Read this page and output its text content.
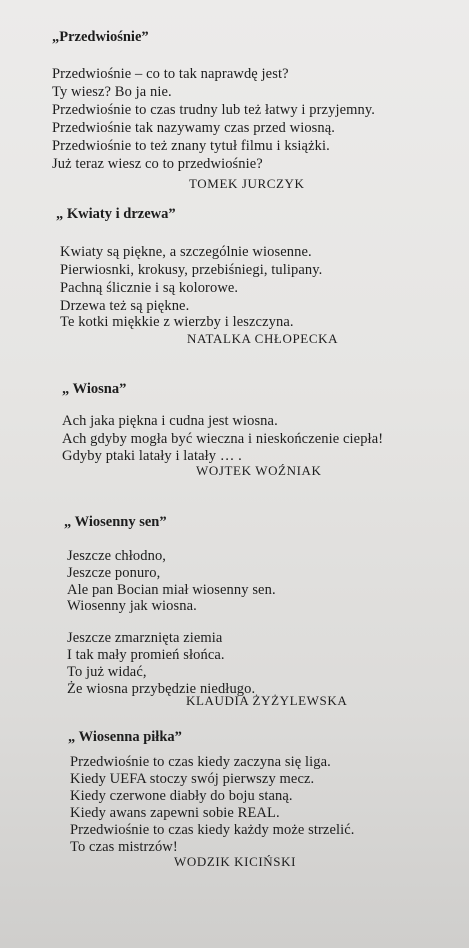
„Przedwiośnie”
Przedwiośnie – co to tak naprawdę jest?
Ty wiesz? Bo ja nie.
Przedwiośnie to czas trudny lub też łatwy i przyjemny.
Przedwiośnie tak nazywamy czas przed wiosną.
Przedwiośnie to też znany tytuł filmu i książki.
Już teraz wiesz co to przedwiośnie?
TOMEK JURCZYK
„ Kwiaty i drzewa”
Kwiaty są piękne, a szczególnie wiosenne.
Pierwiosnki, krokusy, przebiśniegi, tulipany.
Pachną ślicznie i są kolorowe.
Drzewa też są piękne.
Te kotki miękkie z wierzby i leszczyna.
NATALKA CHŁOPECKA
„ Wiosna”
Ach jaka piękna i cudna jest wiosna.
Ach gdyby mogła być wieczna i nieskończenie ciepła!
Gdyby ptaki latały i latały … .
WOJTEK WOŹNIAK
„ Wiosenny sen”
Jeszcze chłodno,
Jeszcze ponuro,
Ale pan Bocian miał wiosenny sen.
Wiosenny jak wiosna.
Jeszcze zmarznięta ziemia
I tak mały promień słońca.
To już widać,
Że wiosna przybędzie niedługo.
KLAUDIA ŻYŻYLEWSKA
„ Wiosenna piłka”
Przedwiośnie to czas kiedy zaczyna się liga.
Kiedy UEFA stoczy swój pierwszy mecz.
Kiedy czerwone diabły do boju staną.
Kiedy awans zapewni sobie REAL.
Przedwiośnie to czas kiedy każdy może strzelić.
To czas mistrzów!
WODZIK KICIŃSKI
